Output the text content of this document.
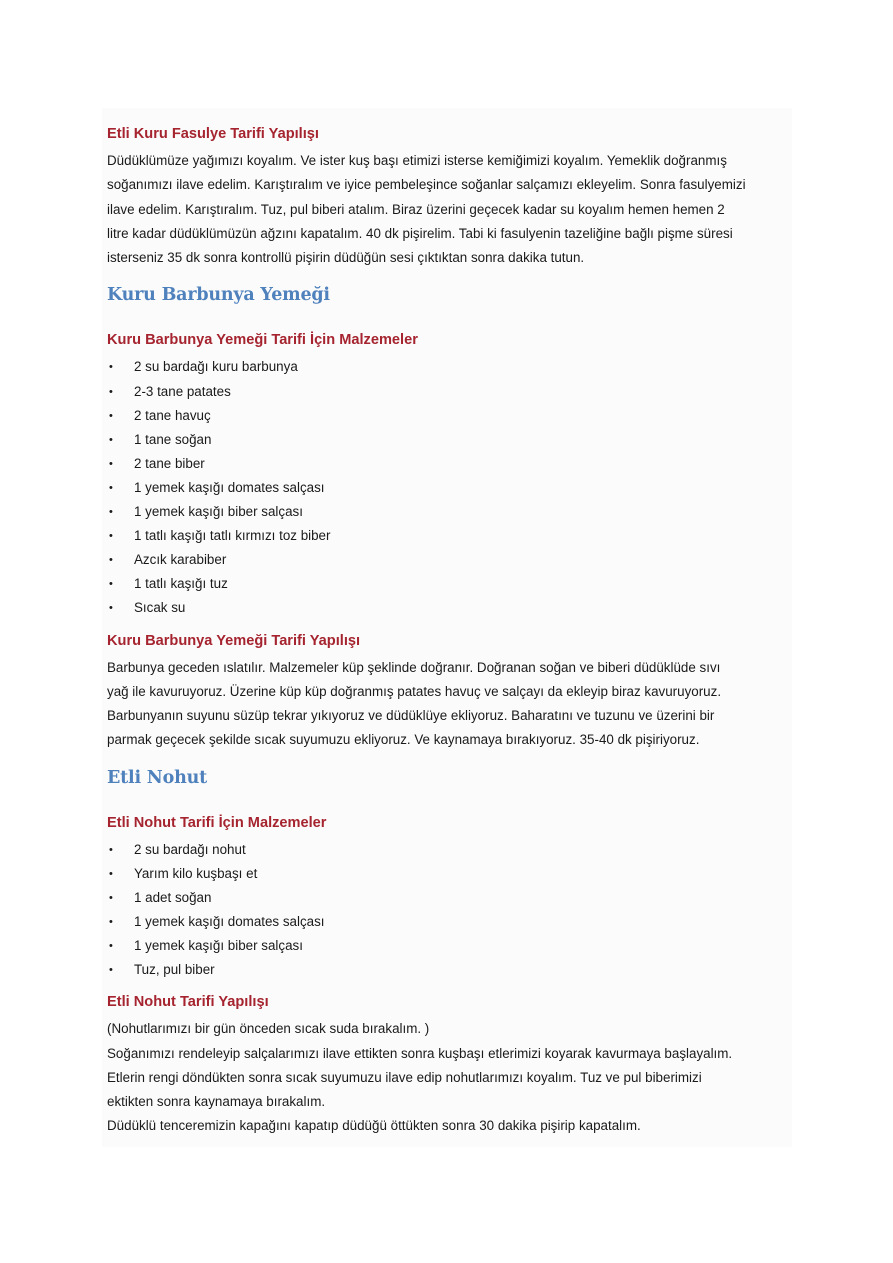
Etli Kuru Fasulye Tarifi Yapılışı

Düdüklümüze yağımızı koyalım. Ve ister kuş başı etimizi isterse kemiğimizi koyalım. Yemeklik doğranmış

soğanımızı ilave edelim. Karıştıralım ve iyice pembeleşince soğanlar salçamızı ekleyelim. Sonra fasulyemizi

ilave edelim. Karıştıralım. Tuz, pul biberi atalım. Biraz üzerini geçecek kadar su koyalım hemen hemen 2

litre kadar düdüklümüzün ağzını kapatalım. 40 dk pişirelim. Tabi ki fasulyenin tazeliğine bağlı pişme süresi

isterseniz 35 dk sonra kontrollü pişirin düdüğün sesi çıktıktan sonra dakika tutun.

Kuru Barbunya Yemeği
Kuru Barbunya Yemeği Tarifi İçin Malzemeler
• 2 su bardağı kuru barbunya
• 2-3 tane patates
• 2 tane havuç
• 1 tane soğan
• 2 tane biber
• 1 yemek kaşığı domates salçası
• 1 yemek kaşığı biber salçası
• 1 tatlı kaşığı tatlı kırmızı toz biber
• Azcık karabiber
• 1 tatlı kaşığı tuz
• Sıcak su
Kuru Barbunya Yemeği Tarifi Yapılışı

Barbunya geceden ıslatılır. Malzemeler küp şeklinde doğranır. Doğranan soğan ve biberi düdüklüde sıvı

yağ ile kavuruyoruz. Üzerine küp küp doğranmış patates havuç ve salçayı da ekleyip biraz kavuruyoruz.

Barbunyanın suyunu süzüp tekrar yıkıyoruz ve düdüklüye ekliyoruz. Baharatını ve tuzunu ve üzerini bir

parmak geçecek şekilde sıcak suyumuzu ekliyoruz. Ve kaynamaya bırakıyoruz. 35-40 dk pişiriyoruz.

Etli Nohut
Etli Nohut Tarifi İçin Malzemeler
• 2 su bardağı nohut
• Yarım kilo kuşbaşı et
• 1 adet soğan
• 1 yemek kaşığı domates salçası
• 1 yemek kaşığı biber salçası
• Tuz, pul biber
Etli Nohut Tarifi Yapılışı

(Nohutlarımızı bir gün önceden sıcak suda bırakalım. )

Soğanımızı rendeleyip salçalarımızı ilave ettikten sonra kuşbaşı etlerimizi koyarak kavurmaya başlayalım.

Etlerin rengi döndükten sonra sıcak suyumuzu ilave edip nohutlarımızı koyalım. Tuz ve pul biberimizi

ektikten sonra kaynamaya bırakalım.

Düdüklü tenceremizin kapağını kapatıp düdüğü öttükten sonra 30 dakika pişirip kapatalım.
